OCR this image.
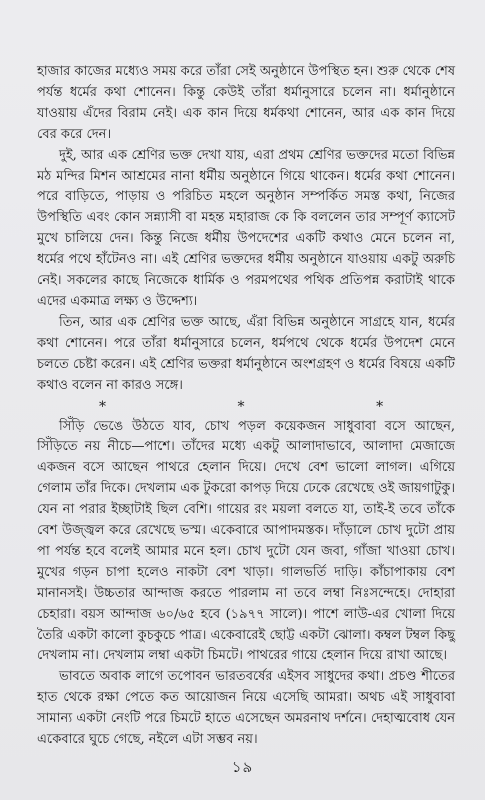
হাজার কাজের মধ্যেও সময় করে তাঁরা সেই অনুষ্ঠানে উপস্থিত হন। শুরু থেকে শেষ পর্যন্ত ধর্মের কথা শোনেন। কিন্তু কেউই তাঁরা ধর্মানুসারে চলেন না। ধর্মানুষ্ঠানে যাওয়ায় এঁদের বিরাম নেই। এক কান দিয়ে ধর্মকথা শোনেন, আর এক কান দিয়ে বের করে দেন।

দুই, আর এক শ্রেণির ভক্ত দেখা যায়, এরা প্রথম শ্রেণির ভক্তদের মতো বিভিন্ন মঠ মন্দির মিশন আশ্রমের নানা ধর্মীয় অনুষ্ঠানে গিয়ে থাকেন। ধর্মের কথা শোনেন। পরে বাড়িতে, পাড়ায় ও পরিচিত মহলে অনুষ্ঠান সম্পর্কিত সমস্ত কথা, নিজের উপস্থিতি এবং কোন সন্ন্যাসী বা মহন্ত মহারাজ কে কি বললেন তার সম্পূর্ণ ক্যাসেট মুখে চালিয়ে দেন। কিন্তু নিজে ধর্মীয় উপদেশের একটি কথাও মেনে চলেন না, ধর্মের পথে হাঁটেনও না। এই শ্রেণির ভক্তদের ধর্মীয় অনুষ্ঠানে যাওয়ায় একটু অরুচি নেই। সকলের কাছে নিজেকে ধার্মিক ও পরমপথের পথিক প্রতিপন্ন করাটাই থাকে এদের একমাত্র লক্ষ্য ও উদ্দেশ্য।

তিন, আর এক শ্রেণির ভক্ত আছে, এঁরা বিভিন্ন অনুষ্ঠানে সাগ্রহে যান, ধর্মের কথা শোনেন। পরে তাঁরা ধর্মানুসারে চলেন, ধর্মপথে থেকে ধর্মের উপদেশ মেনে চলতে চেষ্টা করেন। এই শ্রেণির ভক্তরা ধর্মানুষ্ঠানে অংশগ্রহণ ও ধর্মের বিষয়ে একটি কথাও বলেন না কারও সঙ্গে।

*	*	*

সিঁড়ি ভেঙে উঠতে যাব, চোখ পড়ল কয়েকজন সাধুবাবা বসে আছেন, সিঁড়িতে নয় নীচে—পাশে। তাঁদের মধ্যে একটু আলাদাভাবে, আলাদা মেজাজে একজন বসে আছেন পাথরে হেলান দিয়ে। দেখে বেশ ভালো লাগল। এগিয়ে গেলাম তাঁর দিকে। দেখলাম এক টুকরো কাপড় দিয়ে ঢেকে রেখেছে ওই জায়গাটুকু। যেন না পরার ইচ্ছাটাই ছিল বেশি। গায়ের রং ময়লা বলতে যা, তাই-ই তবে তাঁকে বেশ উজ্জ্বল করে রেখেছে ভস্ম। একেবারে আপাদমস্তক। দাঁড়ালে চোখ দুটো প্রায় পা পর্যন্ত হবে বলেই আমার মনে হল। চোখ দুটো যেন জবা, গাঁজা খাওয়া চোখ। মুখের গড়ন চাপা হলেও নাকটা বেশ খাড়া। গালভর্তি দাড়ি। কাঁচাপাকায় বেশ মানানসই। উচ্চতার আন্দাজ করতে পারলাম না তবে লম্বা নিঃসন্দেহে। দোহারা চেহারা। বয়স আন্দাজ ৬০/৬৫ হবে (১৯৭৭ সালে)। পাশে লাউ-এর খোলা দিয়ে তৈরি একটা কালো কুচকুচে পাত্র। একেবারেই ছোট্ট একটা ঝোলা। কম্বল টম্বল কিছু দেখলাম না। দেখলাম লম্বা একটা চিমটে। পাথরের গায়ে হেলান দিয়ে রাখা আছে।

ভাবতে অবাক লাগে তপোবন ভারতবর্ষের এইসব সাধুদের কথা। প্রচণ্ড শীতের হাত থেকে রক্ষা পেতে কত আয়োজন নিয়ে এসেছি আমরা। অথচ এই সাধুবাবা সামান্য একটা নেংটি পরে চিমটে হাতে এসেছেন অমরনাথ দর্শনে। দেহাত্মবোধ যেন একেবারে ঘুচে গেছে, নইলে এটা সম্ভব নয়।

১৯
